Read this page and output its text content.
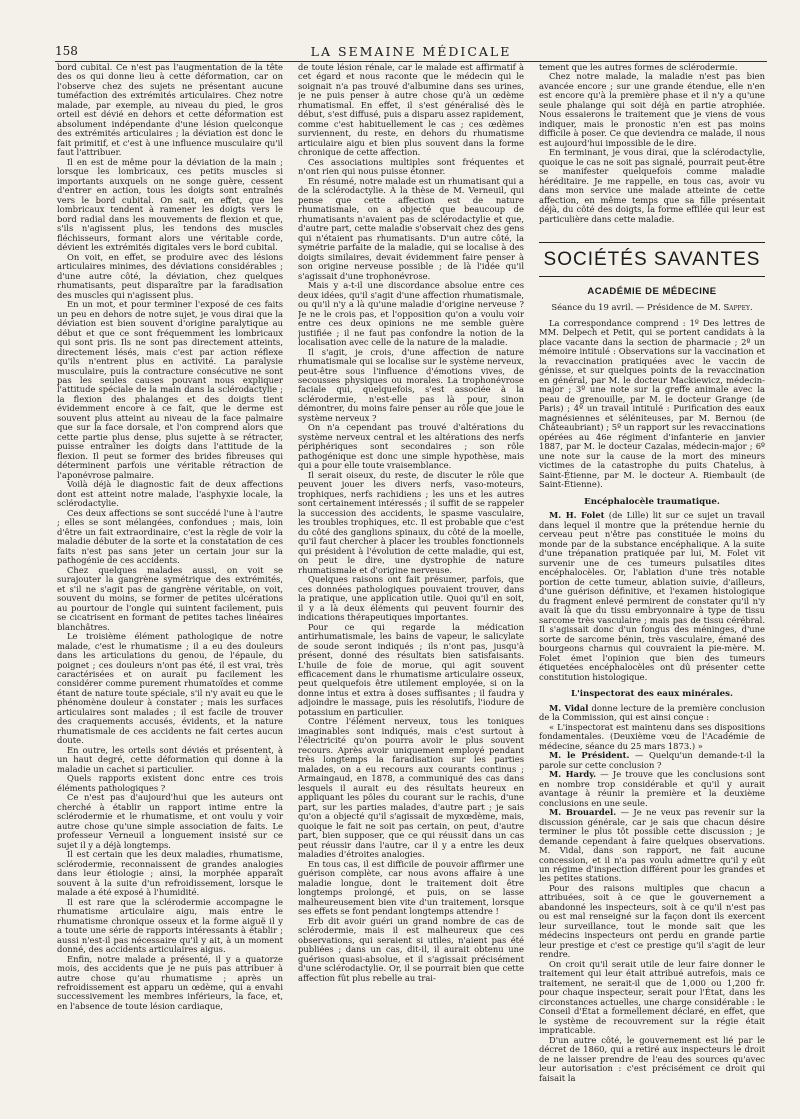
158	LA SEMAINE MÉDICALE

bord cubital. Ce n'est pas l'augmentation de la tête des os qui donne lieu à cette déformation, car on l'observe chez des sujets ne présentant aucune tuméfaction des extrémités articulaires. Chez notre malade, par exemple, au niveau du pied, le gros orteil est dévié en dehors et cette déformation est absolument indépendante d'une lésion quelconque des extrémités articulaires ; la déviation est donc le fait primitif, et c'est à une influence musculaire qu'il faut l'attribuer.

Il en est de même pour la déviation de la main ; lorsque les lombricaux, ces petits muscles si importants auxquels on ne songe guère, cessent d'entrer en action, tous les doigts sont entraînés vers le bord cubital. On sait, en effet, que les lombricaux tendent à ramener les doigts vers le bord radial dans les mouvements de flexion et que, s'ils n'agissent plus, les tendons des muscles fléchisseurs, formant alors une véritable corde, dévient les extrémités digitales vers le bord cubital.

On voit, en effet, se produire avec des lésions articulaires minimes, des déviations considérables ; d'une autre côté, la déviation, chez quelques rhumatisants, peut disparaître par la faradisation des muscles qui n'agissent plus.

En un mot, et pour terminer l'exposé de ces faits un peu en dehors de notre sujet, je vous dirai que la déviation est bien souvent d'origine paralytique au début et que ce sont fréquemment les lombricaux qui sont pris. Ils ne sont pas directement atteints, directement lésés, mais c'est par action réflexe qu'ils n'entrent plus en activité. La paralysie musculaire, puis la contracture consécutive ne sont pas les seules causes pouvant nous expliquer l'attitude spéciale de la main dans la sclérodactylie ; la flexion des phalanges et des doigts tient évidemment encore à ce fait, que le derme est souvent plus atteint au niveau de la face palmaire que sur la face dorsale, et l'on comprend alors que cette partie plus dense, plus sujette à se rétracter, puisse entraîner les doigts dans l'attitude de la flexion. Il peut se former des brides fibreuses qui déterminent parfois une véritable rétraction de l'aponévrose palmaire.

Voilà déjà le diagnostic fait de deux affections dont est atteint notre malade, l'asphyxie locale, la sclérodactylie.

Ces deux affections se sont succédé l'une à l'autre ; elles se sont mélangées, confondues ; mais, loin d'être un fait extraordinaire, c'est la règle de voir la maladie débuter de la sorte et la constatation de ces faits n'est pas sans jeter un certain jour sur la pathogénie de ces accidents.

Chez quelques malades aussi, on voit se surajouter la gangrène symétrique des extrémités, et s'il ne s'agit pas de gangrène véritable, on voit, souvent du moins, se former de petites ulcérations au pourtour de l'ongle qui suintent facilement, puis se cicatrisent en formant de petites taches linéaires blanchâtres.

Le troisième élément pathologique de notre malade, c'est le rhumatisme ; il a eu des douleurs dans les articulations du genou, de l'épaule, du poignet ; ces douleurs n'ont pas été, il est vrai, très caractérisées et on aurait pu facilement les considérer comme purement rhumatoïdes et comme étant de nature toute spéciale, s'il n'y avait eu que le phénomène douleur à constater ; mais les surfaces articulaires sont malades ; il est facile de trouver des craquements accusés, évidents, et la nature rhumatismale de ces accidents ne fait certes aucun doute.

En outre, les orteils sont déviés et présentent, à un haut degré, cette déformation qui donne à la maladie un cachet si particulier.

Quels rapports existent donc entre ces trois éléments pathologiques ?

Ce n'est pas d'aujourd'hui que les auteurs ont cherché à établir un rapport intime entre la sclérodermie et le rhumatisme, et ont voulu y voir autre chose qu'une simple association de faits. Le professeur Verneuil a longuement insisté sur ce sujet il y a déjà longtemps.

Il est certain que les deux maladies, rhumatisme, sclérodermie, reconnaissent de grandes analogies dans leur étiologie ; ainsi, la morphée apparaît souvent à la suite d'un refroidissement, lorsque le malade a été exposé à l'humidité.

Il est rare que la sclérodermie accompagne le rhumatisme articulaire aigu, mais entre le rhumatisme chronique osseux et la forme aiguë il y a toute une série de rapports intéressants à établir ; aussi n'est-il pas nécessaire qu'il y ait, à un moment donné, des accidents articulaires aigus.

Enfin, notre malade a présenté, il y a quatorze mois, des accidents que je ne puis pas attribuer à autre chose qu'au rhumatisme ; après un refroidissement est apparu un œdème, qui a envahi successivement les membres inférieurs, la face, et, en l'absence de toute lésion cardiaque,

de toute lésion rénale, car le malade est affirmatif à cet égard et nous raconte que le médecin qui le soignait n'a pas trouvé d'albumine dans ses urines, je ne puis penser à autre chose qu'à un œdème rhumatismal. En effet, il s'est généralisé dès le début, s'est diffusé, puis a disparu assez rapidement, comme c'est habituellement le cas ; ces œdèmes surviennent, du reste, en dehors du rhumatisme articulaire aigu et bien plus souvent dans la forme chronique de cette affection.

Ces associations multiples sont fréquentes et n'ont rien qui nous puisse étonner.

En résumé, notre malade est un rhumatisant qui a de la sclérodactylie. À la thèse de M. Verneuil, qui pense que cette affection est de nature rhumatismale, on a objecté que beaucoup de rhumatisants n'avaient pas de sclérodactylie et que, d'autre part, cette maladie s'observait chez des gens qui n'étaient pas rhumatisants. D'un autre côté, la symétrie parfaite de la maladie, qui se localise à des doigts similaires, devait évidemment faire penser à son origine nerveuse possible ; de là l'idée qu'il s'agissait d'une trophonévrose.

Mais y a-t-il une discordance absolue entre ces deux idées, qu'il s'agit d'une affection rhumatismale, ou qu'il n'y a là qu'une maladie d'origine nerveuse ? Je ne le crois pas, et l'opposition qu'on a voulu voir entre ces deux opinions ne me semble guère justifiée ; il ne faut pas confondre la notion de la localisation avec celle de la nature de la maladie.

Il s'agit, je crois, d'une affection de nature rhumatismale qui se localise sur le système nerveux, peut-être sous l'influence d'émotions vives, de secousses physiques ou morales. La trophonévrose faciale qui, quelquefois, s'est associée à la sclérodermie, n'est-elle pas là pour, sinon démontrer, du moins faire penser au rôle que joue le système nerveux ?

On n'a cependant pas trouvé d'altérations du système nerveux central et les altérations des nerfs périphériques sont secondaires ; son rôle pathogénique est donc une simple hypothèse, mais qui a pour elle toute vraisemblance.

Il serait oiseux, du reste, de discuter le rôle que peuvent jouer les divers nerfs, vaso-moteurs, trophiques, nerfs rachidiens ; les uns et les autres sont certainement intéressés ; il suffit de se rappeler la succession des accidents, le spasme vasculaire, les troubles trophiques, etc. Il est probable que c'est du côté des ganglions spinaux, du côté de la moelle, qu'il faut chercher à placer les troubles fonctionnels qui président à l'évolution de cette maladie, qui est, on peut le dire, une dystrophie de nature rhumatismale et d'origine nerveuse.

Quelques raisons ont fait présumer, parfois, que ces données pathologiques pouvaient trouver, dans la pratique, une application utile. Quoi qu'il en soit, il y a là deux éléments qui peuvent fournir des indications thérapeutiques importantes.

Pour ce qui regarde la médication antirhumatismale, les bains de vapeur, le salicylate de soude seront indiqués ; ils n'ont pas, jusqu'à présent, donné des résultats bien satisfaisants. L'huile de foie de morue, qui agit souvent efficacement dans le rhumatisme articulaire osseux, peut quelquefois être utilement employée, si on la donne intus et extra à doses suffisantes ; il faudra y adjoindre le massage, puis les résolutifs, l'iodure de potassium en particulier.

Contre l'élément nerveux, tous les toniques imaginables sont indiqués, mais c'est surtout à l'électricité qu'on pourra avoir le plus souvent recours. Après avoir uniquement employé pendant très longtemps la faradisation sur les parties malades, on a eu recours aux courants continus ; Armaingaud, en 1878, a communiqué des cas dans lesquels il aurait eu des résultats heureux en appliquant les pôles du courant sur le rachis, d'une part, sur les parties malades, d'autre part ; je sais qu'on a objecté qu'il s'agissait de myxœdème, mais, quoique le fait ne soit pas certain, on peut, d'autre part, bien supposer, que ce qui réussit dans un cas peut réussir dans l'autre, car il y a entre les deux maladies d'étroites analogies.

En tous cas, il est difficile de pouvoir affirmer une guérison complète, car nous avons affaire à une maladie longue, dont le traitement doit être longtemps prolongé, et puis, on se lasse malheureusement bien vite d'un traitement, lorsque ses effets se font pendant longtemps attendre !

Erb dit avoir guéri un grand nombre de cas de sclérodermie, mais il est malheureux que ces observations, qui seraient si utiles, n'aient pas été publiées ; dans un cas, dit-il, il aurait obtenu une guérison quasi-absolue, et il s'agissait précisément d'une sclérodactylie. Or, il se pourrait bien que cette affection fût plus rebelle au trai-

tement que les autres formes de sclérodermie.

Chez notre malade, la maladie n'est pas bien avancée encore ; sur une grande étendue, elle n'en est encore qu'à la première phase et il n'y a qu'une seule phalange qui soit déjà en partie atrophiée. Nous essaierons le traitement que je viens de vous indiquer, mais le pronostic n'en est pas moins difficile à poser. Ce que deviendra ce malade, il nous est aujourd'hui impossible de le dire.

En terminant, je vous dirai, que la sclérodactylie, quoique le cas ne soit pas signalé, pourrait peut-être se manifester quelquefois comme maladie héréditaire. Je me rappelle, en tous cas, avoir vu dans mon service une malade atteinte de cette affection, en même temps que sa fille présentait déjà, du côté des doigts, la forme effilée qui leur est particulière dans cette maladie.

SOCIÉTÉS SAVANTES
ACADÉMIE DE MÉDECINE
Séance du 19 avril. — Présidence de M. Sappey.

La correspondance comprend : 1º Des lettres de MM. Delpech et Petit, qui se portent candidats à la place vacante dans la section de pharmacie ; 2º un mémoire intitulé : Observations sur la vaccination et la revaccination pratiquées avec le vaccin de génisse, et sur quelques points de la revaccination en général, par M. le docteur Mackiewicz, médecin-major ; 3º une note sur la greffe animale avec la peau de grenouille, par M. le docteur Grange (de Paris) ; 4º un travail intitulé : Purification des eaux magnésiennes et séléniteuses, par M. Bernou (de Châteaubriant) ; 5º un rapport sur les revaccinations opérées au 46e régiment d'infanterie en janvier 1887, par M. le docteur Cazalas, médecin-major ; 6º une note sur la cause de la mort des mineurs victimes de la catastrophe du puits Chatelus, à Saint-Étienne, par M. le docteur A. Riembault (de Saint-Étienne).

Encéphalocèle traumatique.

M. H. Folet (de Lille) lit sur ce sujet un travail dans lequel il montre que la prétendue hernie du cerveau peut n'être pas constituée le moins du monde par de la substance encéphalique. A la suite d'une trépanation pratiquée par lui, M. Folet vit survenir une de ces tumeurs pulsatiles dites encéphalocèles. Or, l'ablation d'une très notable portion de cette tumeur, ablation suivie, d'ailleurs, d'une guérison définitive, et l'examen histologique du fragment enlevé permirent de constater qu'il n'y avait là que du tissu embryonnaire à type de tissu sarcome très vasculaire ; mais pas de tissu cérébral. Il s'agissait donc d'un fongus des méninges, d'une sorte de sarcome bénin, très vasculaire, émané des bourgeons charnus qui couvraient la pie-mère. M. Folet émet l'opinion que bien des tumeurs étiquetées encéphalocèles ont dû présenter cette constitution histologique.

L'inspectorat des eaux minérales.

M. Vidal donne lecture de la première conclusion de la Commission, qui est ainsi conçue :

« L'inspectorat est maintenu dans ses dispositions fondamentales. (Deuxième vœu de l'Académie de médecine, séance du 25 mars 1873.) »

M. le Président. — Quelqu'un demande-t-il la parole sur cette conclusion ?

M. Hardy. — Je trouve que les conclusions sont en nombre trop considérable et qu'il y aurait avantage à réunir la première et la deuxième conclusions en une seule.

M. Brouardel. — Je ne veux pas revenir sur la discussion générale, car je sais que chacun désire terminer le plus tôt possible cette discussion ; je demande cependant à faire quelques observations. M. Vidal, dans son rapport, ne fait aucune concession, et il n'a pas voulu admettre qu'il y eût un régime d'inspection différent pour les grandes et les petites stations.

Pour des raisons multiples que chacun a attribuées, soit à ce que le gouvernement a abandonné les inspecteurs, soit à ce qu'il n'est pas ou est mal renseigné sur la façon dont ils exercent leur surveillance, tout le monde sait que les médecins inspecteurs ont perdu en grande partie leur prestige et c'est ce prestige qu'il s'agit de leur rendre.

On croit qu'il serait utile de leur faire donner le traitement qui leur était attribué autrefois, mais ce traitement, ne serait-il que de 1,000 ou 1,200 fr. pour chaque inspecteur, serait pour l'État, dans les circonstances actuelles, une charge considérable : le Conseil d'État a formellement déclaré, en effet, que le système de recouvrement sur la régie était impraticable.

D'un autre côté, le gouvernement est lié par le décret de 1860, qui a retiré aux inspecteurs le droit de ne laisser prendre de l'eau des sources qu'avec leur autorisation : c'est précisément ce droit qui faisait la
